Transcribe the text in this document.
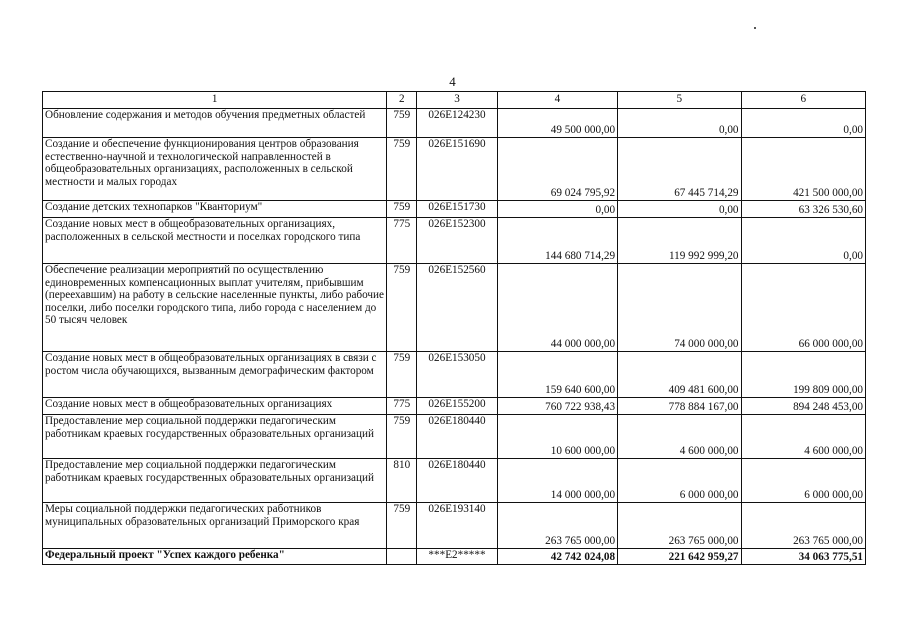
4
1	2	3	4	5	6
Обновление содержания и методов обучения предметных областей	759	026E124230	49 500 000,00	0,00	0,00
Создание и обеспечение функционирования центров образования естественно-научной и технологической направленностей в общеобразовательных организациях, расположенных в сельской местности и малых городах	759	026E151690	69 024 795,92	67 445 714,29	421 500 000,00
Создание детских технопарков "Кванториум"	759	026E151730	0,00	0,00	63 326 530,60
Создание новых мест в общеобразовательных организациях, расположенных в сельской местности и поселках городского типа	775	026E152300	144 680 714,29	119 992 999,20	0,00
Обеспечение реализации мероприятий по осуществлению единовременных компенсационных выплат учителям, прибывшим (переехавшим) на работу в сельские населенные пункты, либо рабочие поселки, либо поселки городского типа, либо города с населением до 50 тысяч человек	759	026E152560	44 000 000,00	74 000 000,00	66 000 000,00
Создание новых мест в общеобразовательных организациях в связи с ростом числа обучающихся, вызванным демографическим фактором	759	026E153050	159 640 600,00	409 481 600,00	199 809 000,00
Создание новых мест в общеобразовательных организациях	775	026E155200	760 722 938,43	778 884 167,00	894 248 453,00
Предоставление мер социальной поддержки педагогическим работникам краевых государственных образовательных организаций	759	026E180440	10 600 000,00	4 600 000,00	4 600 000,00
Предоставление мер социальной поддержки педагогическим работникам краевых государственных образовательных организаций	810	026E180440	14 000 000,00	6 000 000,00	6 000 000,00
Меры социальной поддержки педагогических работников муниципальных образовательных организаций Приморского края	759	026E193140	263 765 000,00	263 765 000,00	263 765 000,00
Федеральный проект "Успех каждого ребенка"		***E2*****	42 742 024,08	221 642 959,27	34 063 775,51
